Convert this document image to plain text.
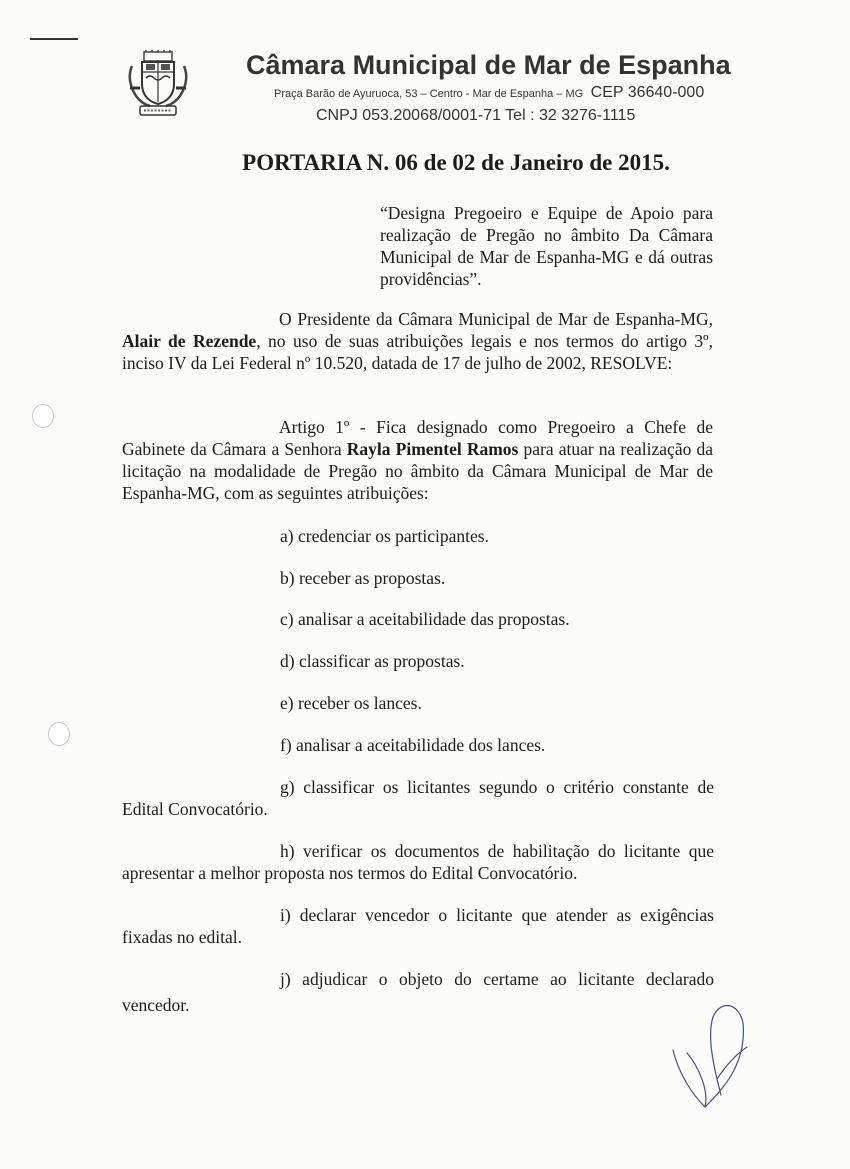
Câmara Municipal de Mar de Espanha
Praça Barão de Ayuruoca, 53 – Centro - Mar de Espanha – MG CEP 36640-000
CNPJ 053.20068/0001-71 Tel : 32 3276-1115
PORTARIA N. 06 de 02 de Janeiro de 2015.
“Designa Pregoeiro e Equipe de Apoio para realização de Pregão no âmbito Da Câmara Municipal de Mar de Espanha-MG e dá outras providências”.
O Presidente da Câmara Municipal de Mar de Espanha-MG, Alair de Rezende, no uso de suas atribuições legais e nos termos do artigo 3º, inciso IV da Lei Federal nº 10.520, datada de 17 de julho de 2002, RESOLVE:
Artigo 1º - Fica designado como Pregoeiro a Chefe de Gabinete da Câmara a Senhora Rayla Pimentel Ramos para atuar na realização da licitação na modalidade de Pregão no âmbito da Câmara Municipal de Mar de Espanha-MG, com as seguintes atribuições:
a) credenciar os participantes.
b) receber as propostas.
c) analisar a aceitabilidade das propostas.
d) classificar as propostas.
e) receber os lances.
f) analisar a aceitabilidade dos lances.
g) classificar os licitantes segundo o critério constante de Edital Convocatório.
h) verificar os documentos de habilitação do licitante que apresentar a melhor proposta nos termos do Edital Convocatório.
i) declarar vencedor o licitante que atender as exigências fixadas no edital.
j) adjudicar o objeto do certame ao licitante declarado vencedor.
